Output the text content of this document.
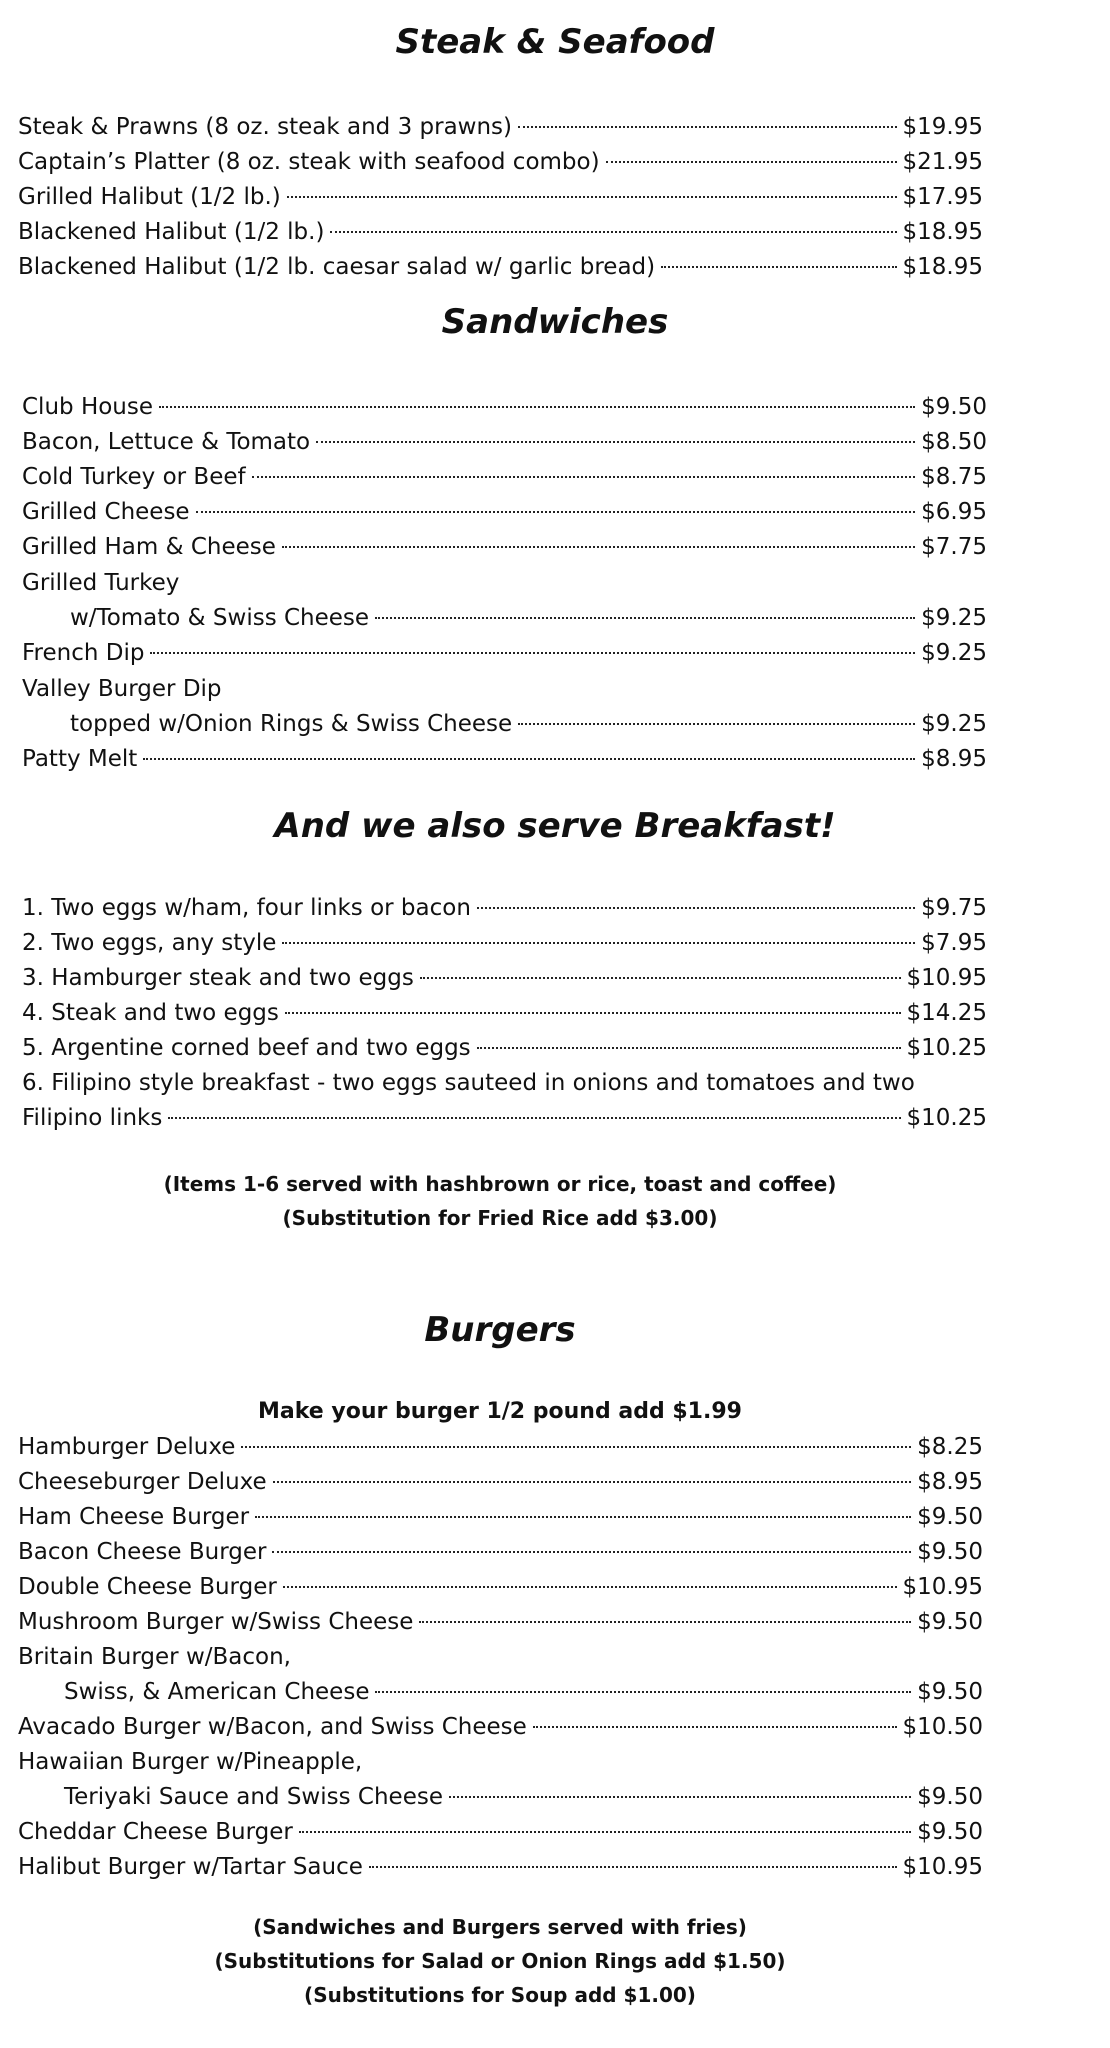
Steak & Seafood
Steak & Prawns (8 oz. steak and 3 prawns)	$19.95
Captain’s Platter (8 oz. steak with seafood combo)	$21.95
Grilled Halibut (1/2 lb.)	$17.95
Blackened Halibut (1/2 lb.)	$18.95
Blackened Halibut (1/2 lb. caesar salad w/ garlic bread)	$18.95
Sandwiches
Club House	$9.50
Bacon, Lettuce & Tomato	$8.50
Cold Turkey or Beef	$8.75
Grilled Cheese	$6.95
Grilled Ham & Cheese	$7.75
Grilled Turkey
w/Tomato & Swiss Cheese	$9.25
French Dip	$9.25
Valley Burger Dip
topped w/Onion Rings & Swiss Cheese	$9.25
Patty Melt	$8.95
And we also serve Breakfast!
1. Two eggs w/ham, four links or bacon	$9.75
2. Two eggs, any style	$7.95
3. Hamburger steak and two eggs	$10.95
4. Steak and two eggs	$14.25
5. Argentine corned beef and two eggs	$10.25
6. Filipino style breakfast - two eggs sauteed in onions and tomatoes and two
Filipino links	$10.25

(Items 1-6 served with hashbrown or rice, toast and coffee)

(Substitution for Fried Rice add $3.00)

Burgers

Make your burger 1/2 pound add $1.99

Hamburger Deluxe	$8.25
Cheeseburger Deluxe	$8.95
Ham Cheese Burger	$9.50
Bacon Cheese Burger	$9.50
Double Cheese Burger	$10.95
Mushroom Burger w/Swiss Cheese	$9.50
Britain Burger w/Bacon,
Swiss, & American Cheese	$9.50
Avacado Burger w/Bacon, and Swiss Cheese	$10.50
Hawaiian Burger w/Pineapple,
Teriyaki Sauce and Swiss Cheese	$9.50
Cheddar Cheese Burger	$9.50
Halibut Burger w/Tartar Sauce	$10.95

(Sandwiches and Burgers served with fries)

(Substitutions for Salad or Onion Rings add $1.50)

(Substitutions for Soup add $1.00)
